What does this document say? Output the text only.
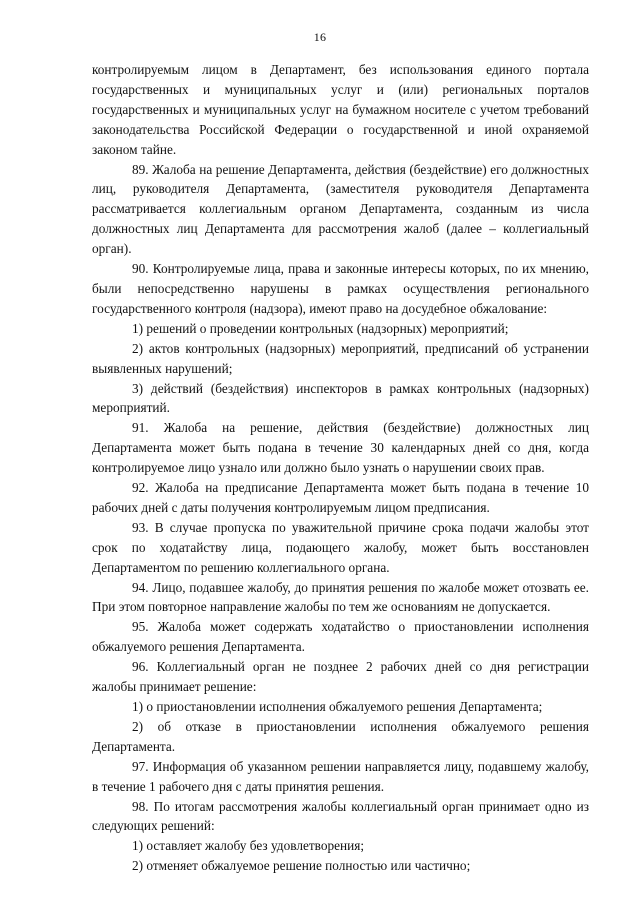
16

контролируемым лицом в Департамент, без использования единого портала государственных и муниципальных услуг и (или) региональных порталов государственных и муниципальных услуг на бумажном носителе с учетом требований законодательства Российской Федерации о государственной и иной охраняемой законом тайне.

89. Жалоба на решение Департамента, действия (бездействие) его должностных лиц, руководителя Департамента, (заместителя руководителя Департамента рассматривается коллегиальным органом Департамента, созданным из числа должностных лиц Департамента для рассмотрения жалоб (далее – коллегиальный орган).

90. Контролируемые лица, права и законные интересы которых, по их мнению, были непосредственно нарушены в рамках осуществления регионального государственного контроля (надзора), имеют право на досудебное обжалование:

1) решений о проведении контрольных (надзорных) мероприятий;

2) актов контрольных (надзорных) мероприятий, предписаний об устранении выявленных нарушений;

3) действий (бездействия) инспекторов в рамках контрольных (надзорных) мероприятий.

91. Жалоба на решение, действия (бездействие) должностных лиц Департамента может быть подана в течение 30 календарных дней со дня, когда контролируемое лицо узнало или должно было узнать о нарушении своих прав.

92. Жалоба на предписание Департамента может быть подана в течение 10 рабочих дней с даты получения контролируемым лицом предписания.

93. В случае пропуска по уважительной причине срока подачи жалобы этот срок по ходатайству лица, подающего жалобу, может быть восстановлен Департаментом по решению коллегиального органа.

94. Лицо, подавшее жалобу, до принятия решения по жалобе может отозвать ее. При этом повторное направление жалобы по тем же основаниям не допускается.

95. Жалоба может содержать ходатайство о приостановлении исполнения обжалуемого решения Департамента.

96. Коллегиальный орган не позднее 2 рабочих дней со дня регистрации жалобы принимает решение:

1) о приостановлении исполнения обжалуемого решения Департамента;

2) об отказе в приостановлении исполнения обжалуемого решения Департамента.

97. Информация об указанном решении направляется лицу, подавшему жалобу, в течение 1 рабочего дня с даты принятия решения.

98. По итогам рассмотрения жалобы коллегиальный орган принимает одно из следующих решений:

1) оставляет жалобу без удовлетворения;

2) отменяет обжалуемое решение полностью или частично;
